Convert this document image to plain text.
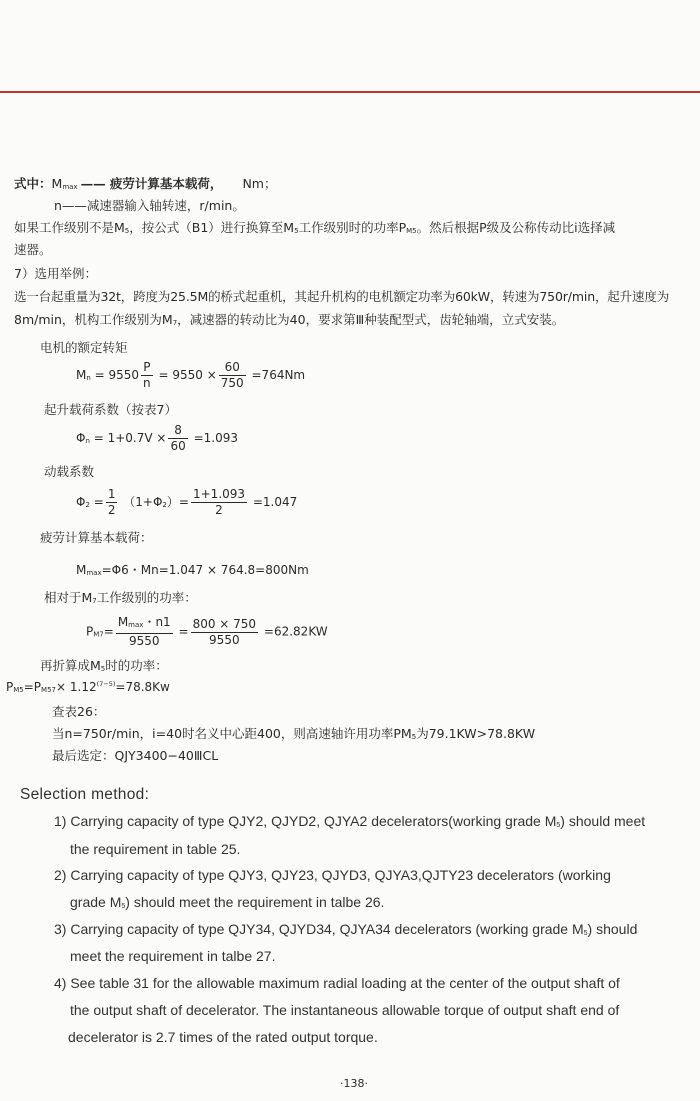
式中：Mmax —— 疲劳计算基本载荷， Nm；
n——减速器输入轴转速，r/min。
如果工作级别不是M5，按公式（B1）进行换算至M5工作级别时的功率PM5。然后根据P级及公称传动比i选择减
速器。
7）选用举例：
选一台起重量为32t，跨度为25.5M的桥式起重机，其起升机构的电机额定功率为60kW，转速为750r/min，起升速度为
8m/min，机构工作级别为M7，减速器的转动比为40，要求第Ⅲ种装配型式，齿轮轴端，立式安装。
电机的额定转矩
$Mn = 9550 \frac{P}{n} = 9550 \times \frac{60}{750} =764Nm$
起升载荷系数（按表7）
$\Phi n = 1+0.7V \times \frac{8}{60} =1.093$
动载系数
$\Phi 2 = \frac{1}{2} (1+\Phi 2)= \frac{1+1.093}{2} =1.047$
疲劳计算基本载荷：
Mmax=Φ6・Mn=1.047 × 764.8=800Nm
相对于M7工作级别的功率：
$PM7= \frac{Mmax・n1}{9550} = \frac{800 \times 750}{9550} =62.82KW$
再折算成M5时的功率：
$PM5=PM57\times 1.12^{(7-5)}=78.8Kw$
查表26：
当n=750r/min，i=40时名义中心距400，则高速轴许用功率PM5为79.1KW>78.8KW
最后选定：QJY3400−40ⅢCL
Selection method:
1) Carrying capacity of type QJY2, QJYD2, QJYA2 decelerators(working grade M5) should meet
the requirement in table 25.
2) Carrying capacity of type QJY3, QJY23, QJYD3, QJYA3,QJTY23 decelerators (working
grade M5) should meet the requirement in talbe 26.
3) Carrying capacity of type QJY34, QJYD34, QJYA34 decelerators (working grade M5) should
meet the requirement in talbe 27.
4) See table 31 for the allowable maximum radial loading at the center of the output shaft of
the output shaft of decelerator. The instantaneous allowable torque of output shaft end of
decelerator is 2.7 times of the rated output torque.
·138·
